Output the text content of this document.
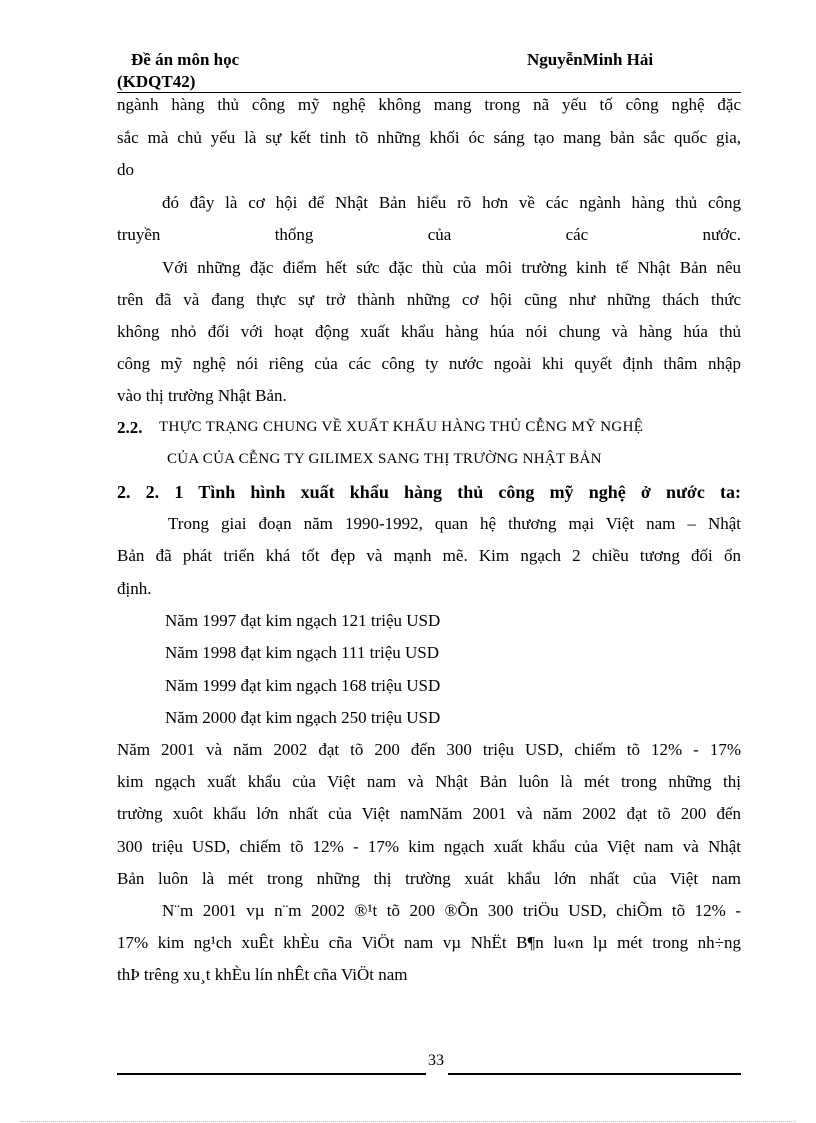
Đề án môn học
(KDQT42)
NguyễnMinh Hải
ngành hàng thủ công mỹ nghệ không mang trong nã yếu tố công nghệ đặc
sắc mà chủ yếu là sự kết tinh tõ những khối óc sáng tạo mang bản sắc quốc gia,
do
đó đây là cơ hội để Nhật Bản hiểu rõ hơn về các ngành hàng thủ công
truyền	thống	của	các	nước.
Với những đặc điểm hết sức đặc thù của môi trường kinh tế Nhật Bản nêu
trên đã và đang thực sự trở thành những cơ hội cũng như những thách thức
không nhỏ đối với hoạt động xuất khẩu hàng húa nói chung và hàng húa thủ
công mỹ nghệ nói riêng của các công ty nước ngoài khi quyết định thâm nhập
vào thị trường Nhật Bản.
2.2. THỰC TRẠNG CHUNG VỀ XUẤT KHẨU HÀNG THỦ CỄNG MỸ NGHỆ
CỦA CỦA CỄNG TY GILIMEX SANG THỊ TRƯỜNG NHẬT BẢN
2. 2. 1 Tình hình xuất khẩu hàng thủ công mỹ nghệ ở nước ta:
Trong giai đoạn năm 1990-1992, quan hệ thương mại Việt nam – Nhật
Bản đã phát triển khá tốt đẹp và mạnh mẽ. Kim ngạch 2 chiều tương đối ổn
định.
Năm 1997 đạt kim ngạch 121 triệu USD
Năm 1998 đạt kim ngạch 111 triệu USD
Năm 1999 đạt kim ngạch 168 triệu USD
Năm 2000 đạt kim ngạch 250 triệu USD
Năm 2001 và năm 2002 đạt tõ 200 đến 300 triệu USD, chiếm tõ 12% - 17%
kim ngạch xuất khẩu của Việt nam và Nhật Bản luôn là mét trong những thị
trường xuôt khẩu lớn nhất của Việt namNăm 2001 và năm 2002 đạt tõ 200 đến
300 triệu USD, chiếm tõ 12% - 17% kim ngạch xuất khẩu của Việt nam và Nhật
Bản luôn là mét trong những thị trường xuát khẩu lớn nhất của Việt nam
N¨m 2001 vµ n¨m 2002 ®¹t tõ 200 ®Õn 300 triÖu USD, chiÕm tõ 12% -
17% kim ng¹ch xuÊt khÈu cña ViÖt nam vµ NhËt B¶n lu«n lµ mét trong nh÷ng
thÞ trêng xu¸t khÈu lín nhÊt cña ViÖt nam
33
